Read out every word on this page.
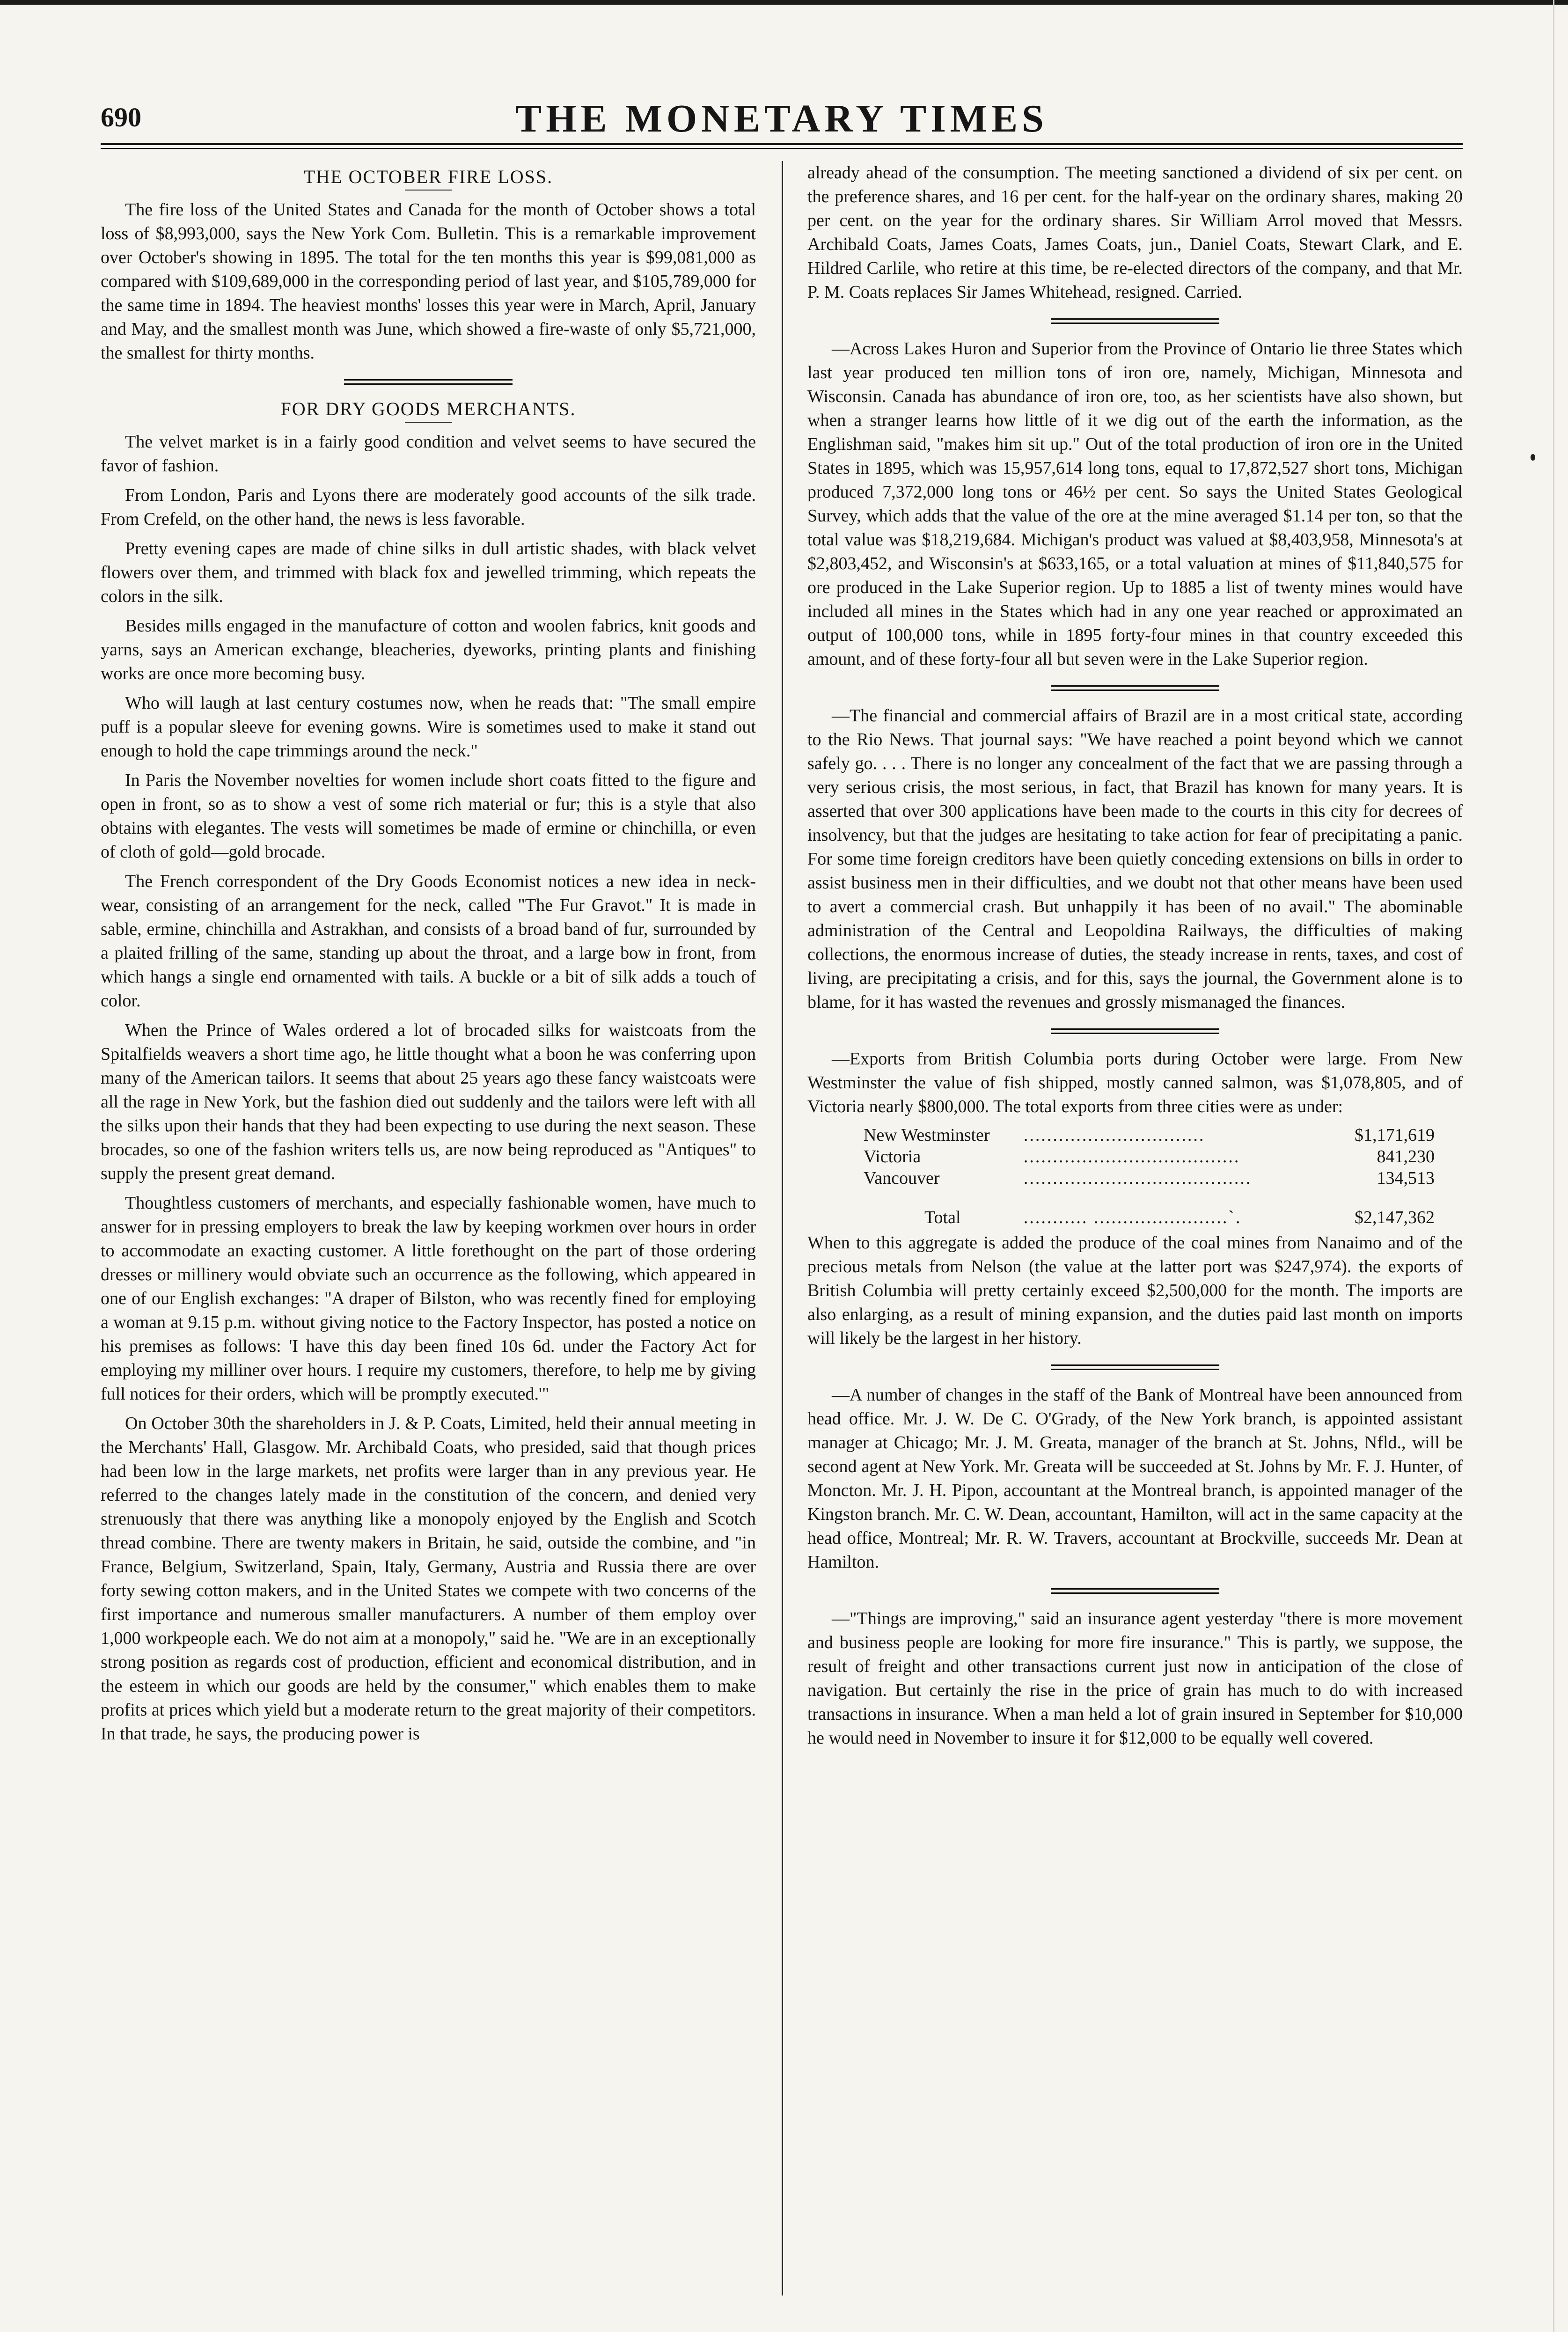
690	THE MONETARY TIMES
THE OCTOBER FIRE LOSS.

The fire loss of the United States and Canada for the month of October shows a total loss of $8,993,000, says the New York Com. Bulletin. This is a remarkable improvement over October's showing in 1895. The total for the ten months this year is $99,081,000 as compared with $109,689,000 in the corresponding period of last year, and $105,789,000 for the same time in 1894. The heaviest months' losses this year were in March, April, January and May, and the smallest month was June, which showed a fire-waste of only $5,721,000, the smallest for thirty months.

FOR DRY GOODS MERCHANTS.

The velvet market is in a fairly good condition and velvet seems to have secured the favor of fashion.

From London, Paris and Lyons there are moderately good accounts of the silk trade. From Crefeld, on the other hand, the news is less favorable.

Pretty evening capes are made of chine silks in dull artistic shades, with black velvet flowers over them, and trimmed with black fox and jewelled trimming, which repeats the colors in the silk.

Besides mills engaged in the manufacture of cotton and woolen fabrics, knit goods and yarns, says an American exchange, bleacheries, dyeworks, printing plants and finishing works are once more becoming busy.

Who will laugh at last century costumes now, when he reads that: "The small empire puff is a popular sleeve for evening gowns. Wire is sometimes used to make it stand out enough to hold the cape trimmings around the neck."

In Paris the November novelties for women include short coats fitted to the figure and open in front, so as to show a vest of some rich material or fur; this is a style that also obtains with elegantes. The vests will sometimes be made of ermine or chinchilla, or even of cloth of gold—gold brocade.

The French correspondent of the Dry Goods Economist notices a new idea in neck-wear, consisting of an arrangement for the neck, called "The Fur Gravot." It is made in sable, ermine, chinchilla and Astrakhan, and consists of a broad band of fur, surrounded by a plaited frilling of the same, standing up about the throat, and a large bow in front, from which hangs a single end ornamented with tails. A buckle or a bit of silk adds a touch of color.

When the Prince of Wales ordered a lot of brocaded silks for waistcoats from the Spitalfields weavers a short time ago, he little thought what a boon he was conferring upon many of the American tailors. It seems that about 25 years ago these fancy waistcoats were all the rage in New York, but the fashion died out suddenly and the tailors were left with all the silks upon their hands that they had been expecting to use during the next season. These brocades, so one of the fashion writers tells us, are now being reproduced as "Antiques" to supply the present great demand.

Thoughtless customers of merchants, and especially fashionable women, have much to answer for in pressing employers to break the law by keeping workmen over hours in order to accommodate an exacting customer. A little forethought on the part of those ordering dresses or millinery would obviate such an occurrence as the following, which appeared in one of our English exchanges: "A draper of Bilston, who was recently fined for employing a woman at 9.15 p.m. without giving notice to the Factory Inspector, has posted a notice on his premises as follows: 'I have this day been fined 10s 6d. under the Factory Act for employing my milliner over hours. I require my customers, therefore, to help me by giving full notices for their orders, which will be promptly executed.'"

On October 30th the shareholders in J. & P. Coats, Limited, held their annual meeting in the Merchants' Hall, Glasgow. Mr. Archibald Coats, who presided, said that though prices had been low in the large markets, net profits were larger than in any previous year. He referred to the changes lately made in the constitution of the concern, and denied very strenuously that there was anything like a monopoly enjoyed by the English and Scotch thread combine. There are twenty makers in Britain, he said, outside the combine, and "in France, Belgium, Switzerland, Spain, Italy, Germany, Austria and Russia there are over forty sewing cotton makers, and in the United States we compete with two concerns of the first importance and numerous smaller manufacturers. A number of them employ over 1,000 workpeople each. We do not aim at a monopoly," said he. "We are in an exceptionally strong position as regards cost of production, efficient and economical distribution, and in the esteem in which our goods are held by the consumer," which enables them to make profits at prices which yield but a moderate return to the great majority of their competitors. In that trade, he says, the producing power is

already ahead of the consumption. The meeting sanctioned a dividend of six per cent. on the preference shares, and 16 per cent. for the half-year on the ordinary shares, making 20 per cent. on the year for the ordinary shares. Sir William Arrol moved that Messrs. Archibald Coats, James Coats, James Coats, jun., Daniel Coats, Stewart Clark, and E. Hildred Carlile, who retire at this time, be re-elected directors of the company, and that Mr. P. M. Coats replaces Sir James Whitehead, resigned. Carried.

—Across Lakes Huron and Superior from the Province of Ontario lie three States which last year produced ten million tons of iron ore, namely, Michigan, Minnesota and Wisconsin. Canada has abundance of iron ore, too, as her scientists have also shown, but when a stranger learns how little of it we dig out of the earth the information, as the Englishman said, "makes him sit up." Out of the total production of iron ore in the United States in 1895, which was 15,957,614 long tons, equal to 17,872,527 short tons, Michigan produced 7,372,000 long tons or 46½ per cent. So says the United States Geological Survey, which adds that the value of the ore at the mine averaged $1.14 per ton, so that the total value was $18,219,684. Michigan's product was valued at $8,403,958, Minnesota's at $2,803,452, and Wisconsin's at $633,165, or a total valuation at mines of $11,840,575 for ore produced in the Lake Superior region. Up to 1885 a list of twenty mines would have included all mines in the States which had in any one year reached or approximated an output of 100,000 tons, while in 1895 forty-four mines in that country exceeded this amount, and of these forty-four all but seven were in the Lake Superior region.

—The financial and commercial affairs of Brazil are in a most critical state, according to the Rio News. That journal says: "We have reached a point beyond which we cannot safely go. . . . There is no longer any concealment of the fact that we are passing through a very serious crisis, the most serious, in fact, that Brazil has known for many years. It is asserted that over 300 applications have been made to the courts in this city for decrees of insolvency, but that the judges are hesitating to take action for fear of precipitating a panic. For some time foreign creditors have been quietly conceding extensions on bills in order to assist business men in their difficulties, and we doubt not that other means have been used to avert a commercial crash. But unhappily it has been of no avail." The abominable administration of the Central and Leopoldina Railways, the difficulties of making collections, the enormous increase of duties, the steady increase in rents, taxes, and cost of living, are precipitating a crisis, and for this, says the journal, the Government alone is to blame, for it has wasted the revenues and grossly mismanaged the finances.

—Exports from British Columbia ports during October were large. From New Westminster the value of fish shipped, mostly canned salmon, was $1,078,805, and of Victoria nearly $800,000. The total exports from three cities were as under:

New Westminster	...............................	$1,171,619
Victoria	.....................................	841,230
Vancouver	.......................................	134,513
Total	........... .......................`.	$2,147,362

When to this aggregate is added the produce of the coal mines from Nanaimo and of the precious metals from Nelson (the value at the latter port was $247,974). the exports of British Columbia will pretty certainly exceed $2,500,000 for the month. The imports are also enlarging, as a result of mining expansion, and the duties paid last month on imports will likely be the largest in her history.

—A number of changes in the staff of the Bank of Montreal have been announced from head office. Mr. J. W. De C. O'Grady, of the New York branch, is appointed assistant manager at Chicago; Mr. J. M. Greata, manager of the branch at St. Johns, Nfld., will be second agent at New York. Mr. Greata will be succeeded at St. Johns by Mr. F. J. Hunter, of Moncton. Mr. J. H. Pipon, accountant at the Montreal branch, is appointed manager of the Kingston branch. Mr. C. W. Dean, accountant, Hamilton, will act in the same capacity at the head office, Montreal; Mr. R. W. Travers, accountant at Brockville, succeeds Mr. Dean at Hamilton.

—"Things are improving," said an insurance agent yesterday "there is more movement and business people are looking for more fire insurance." This is partly, we suppose, the result of freight and other transactions current just now in anticipation of the close of navigation. But certainly the rise in the price of grain has much to do with increased transactions in insurance. When a man held a lot of grain insured in September for $10,000 he would need in November to insure it for $12,000 to be equally well covered.
